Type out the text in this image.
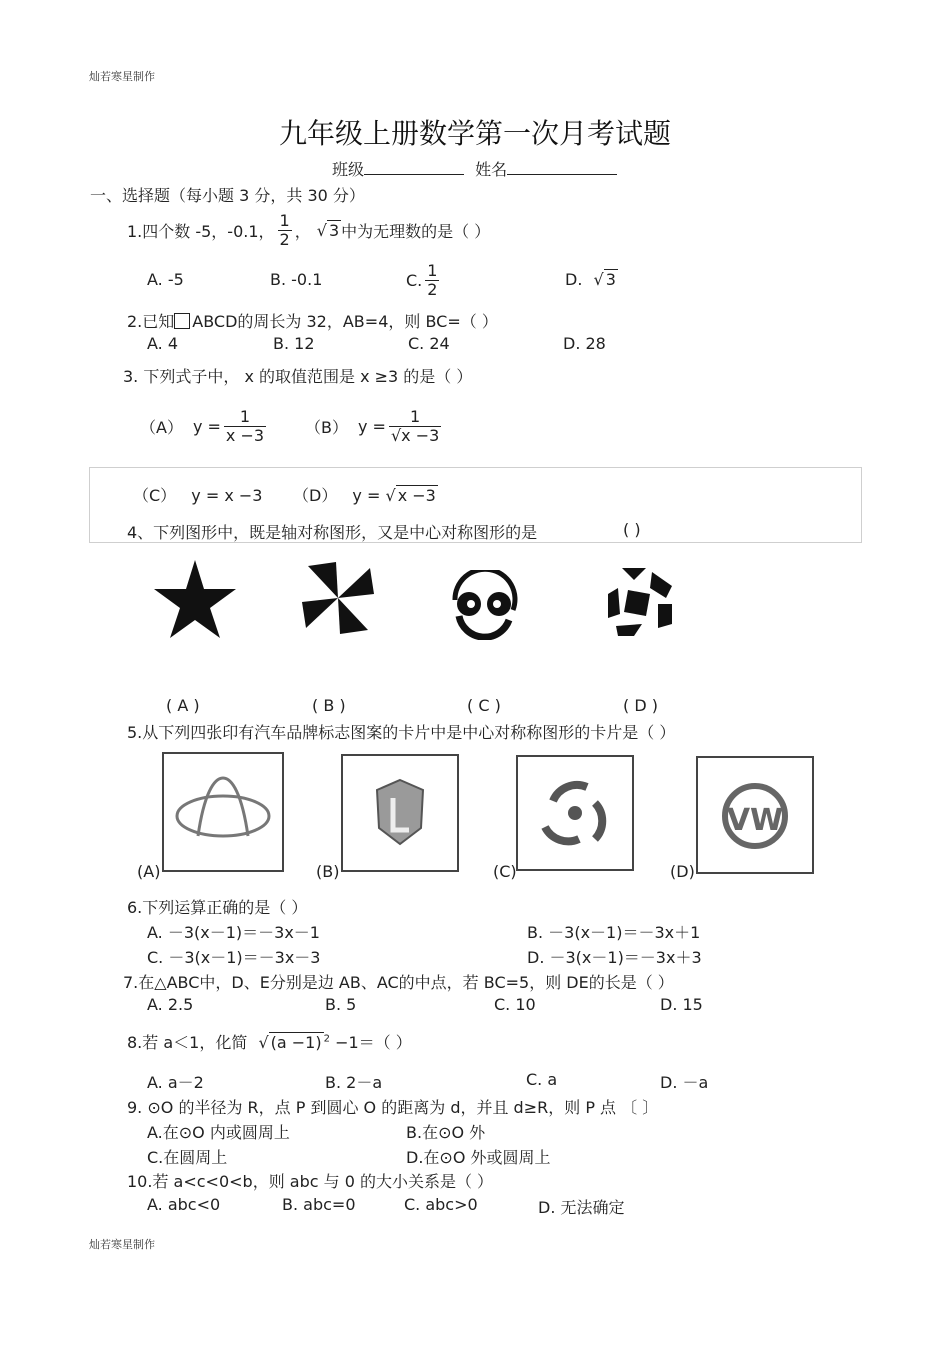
灿若寒星制作
灿若寒星制作
九年级上册数学第一次月考试题
班级	姓名
一、选择题（每小题 3 分，共 30 分）
1.四个数 -5，-0.1， $\frac{1}{2}$ ， √ 3 中为无理数的是（ ）
A. -5	B. -0.1	C. $\frac{1}{2}$	D. √ 3
2.已知 ABCD的周长为 32，AB=4，则 BC=（ ）
A. 4	B. 12	C. 24	D. 28
3. 下列式子中， x 的取值范围是 x ≥3 的是（ ）
（A） $y = \frac{1}{x -3} (B) y = \frac{1}{√x -3}$
（C） y = x −3 （D） y = √ x −3
4、下列图形中，既是轴对称图形，又是中心对称图形的是	( )
( A )	( B )	( C )	( D )
5.从下列四张印有汽车品牌标志图案的卡片中是中心对称称图形的卡片是（ ）
VW
(A)	(B)	(C)	(D)
6.下列运算正确的是（ ）
A. －3(x－1)＝－3x－1	B. －3(x－1)＝－3x＋1
C. －3(x－1)＝－3x－3	D. －3(x－1)＝－3x＋3
7.在△ABC中，D、E分别是边 AB、AC的中点，若 BC=5，则 DE的长是（ ）
A. 2.5	B. 5	C. 10	D. 15
8.若 a＜1，化简 √ (a −1) $^2$ −1＝（ ）
A. a－2	B. 2－a	C. a	D. －a
9. ⊙O 的半径为 R，点 P 到圆心 O 的距离为 d，并且 d≥R，则 P 点 〔 〕
A.在⊙O 内或圆周上	B.在⊙O 外
C.在圆周上	D.在⊙O 外或圆周上
10.若 a<c<0<b，则 abc 与 0 的大小关系是（ ）
A. abc<0	B. abc=0	C. abc>0	D. 无法确定
